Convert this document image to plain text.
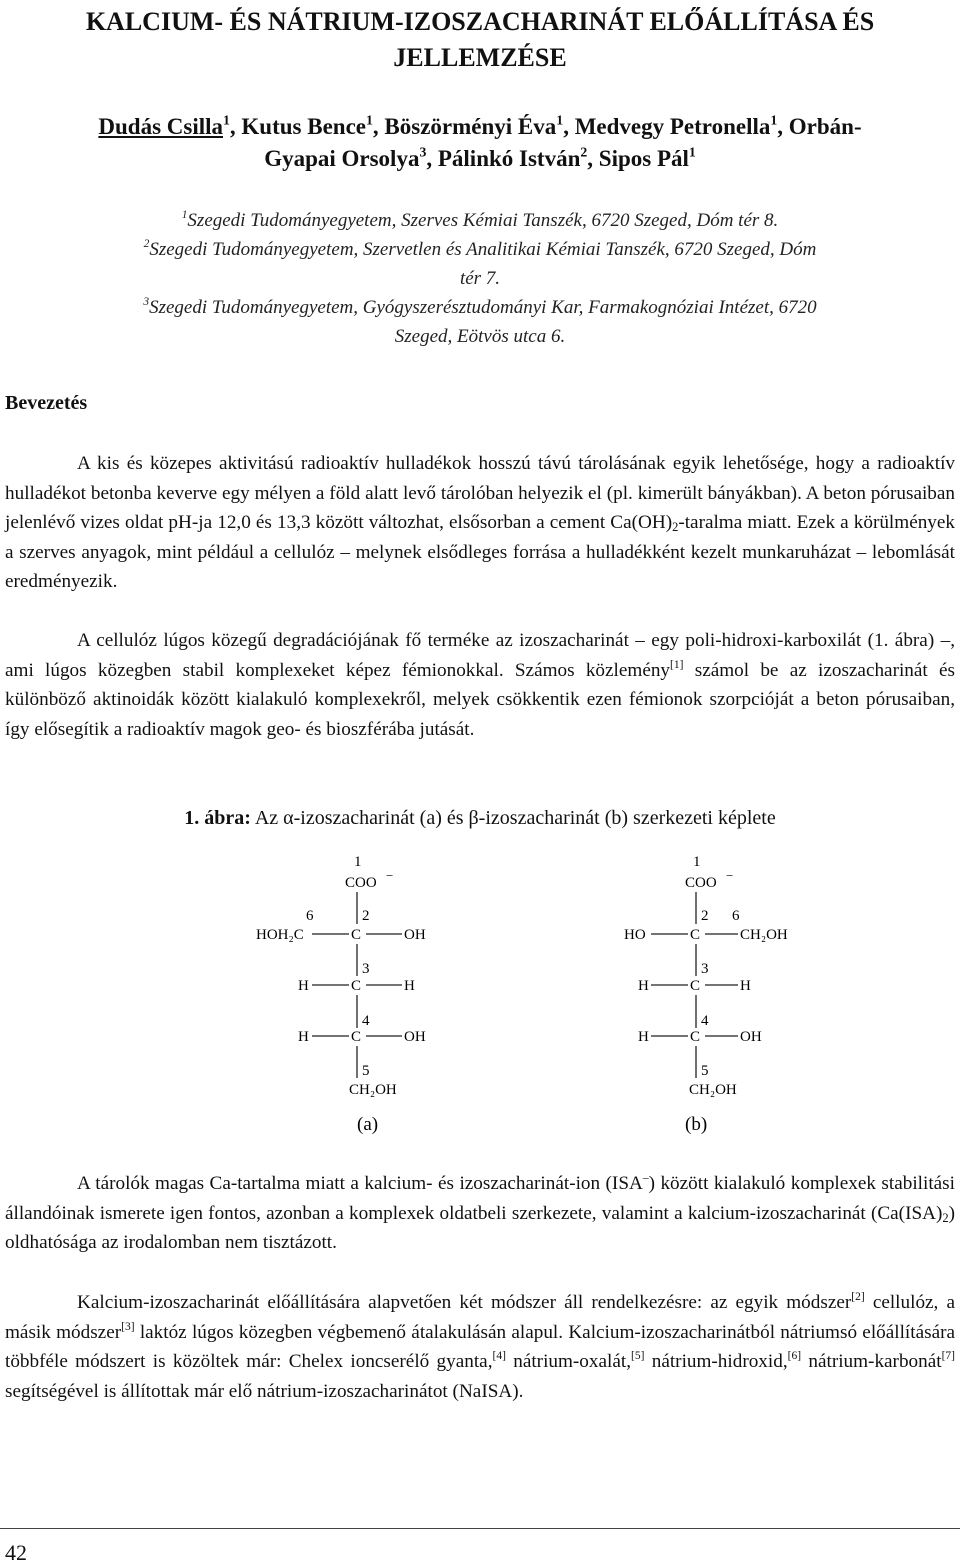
KALCIUM- ÉS NÁTRIUM-IZOSZACHARINÁT ELŐÁLLÍTÁSA ÉS
JELLEMZÉSE
Dudás Csilla$^1$, Kutus Bence$^1$, Böszörményi Éva$^1$, Medvegy Petronella$^1$, Orbán-
Gyapai Orsolya$^3$, Pálinkó István$^2$, Sipos Pál$^1$
$^1$Szegedi Tudományegyetem, Szerves Kémiai Tanszék, 6720 Szeged, Dóm tér 8.
$^2$Szegedi Tudományegyetem, Szervetlen és Analitikai Kémiai Tanszék, 6720 Szeged, Dóm
tér 7.
$^3$Szegedi Tudományegyetem, Gyógyszerésztudományi Kar, Farmakognóziai Intézet, 6720
Szeged, Eötvös utca 6.
Bevezetés

A kis és közepes aktivitású radioaktív hulladékok hosszú távú tárolásának egyik lehetősége, hogy a radioaktív hulladékot betonba keverve egy mélyen a föld alatt levő tárolóban helyezik el (pl. kimerült bányákban). A beton pórusaiban jelenlévő vizes oldat pH-ja 12,0 és 13,3 között változhat, elsősorban a cement $Ca(OH)_2$-taralma miatt. Ezek a körülmények a szerves anyagok, mint például a cellulóz – melynek elsődleges forrása a hulladékként kezelt munkaruházat – lebomlását eredményezik.

A cellulóz lúgos közegű degradációjának fő terméke az izoszacharinát – egy poli-hidroxi-karboxilát (1. ábra) –, ami lúgos közegben stabil komplexeket képez fémionokkal. Számos közlemény[1] számol be az izoszacharinát és különböző aktinoidák között kialakuló komplexekről, melyek csökkentik ezen fémionok szorpcióját a beton pórusaiban, így elősegítik a radioaktív magok geo- és bioszférába jutását.

1. ábra: Az α-izoszacharinát (a) és β-izoszacharinát (b) szerkezeti képlete
1
COO −
6	2
HOH₂C	C	OH
3
H	C	H
4
H	C	OH
5
CH₂OH
(a)
1
COO −
2 6
HO	C	CH₂OH
3
H	C	H
4
H	C	OH
5
CH₂OH
(b)

A tárolók magas Ca-tartalma miatt a kalcium- és izoszacharinát-ion (ISA–) között kialakuló komplexek stabilitási állandóinak ismerete igen fontos, azonban a komplexek oldatbeli szerkezete, valamint a kalcium-izoszacharinát $(Ca(ISA)_2)$ oldhatósága az irodalomban nem tisztázott.

Kalcium-izoszacharinát előállítására alapvetően két módszer áll rendelkezésre: az egyik módszer[2] cellulóz, a másik módszer[3] laktóz lúgos közegben végbemenő átalakulásán alapul. Kalcium-izoszacharinátból nátriumsó előállítására többféle módszert is közöltek már: Chelex ioncserélő gyanta,[4] nátrium-oxalát,[5] nátrium-hidroxid,[6] nátrium-karbonát[7] segítségével is állítottak már elő nátrium-izoszacharinátot (NaISA).

42
